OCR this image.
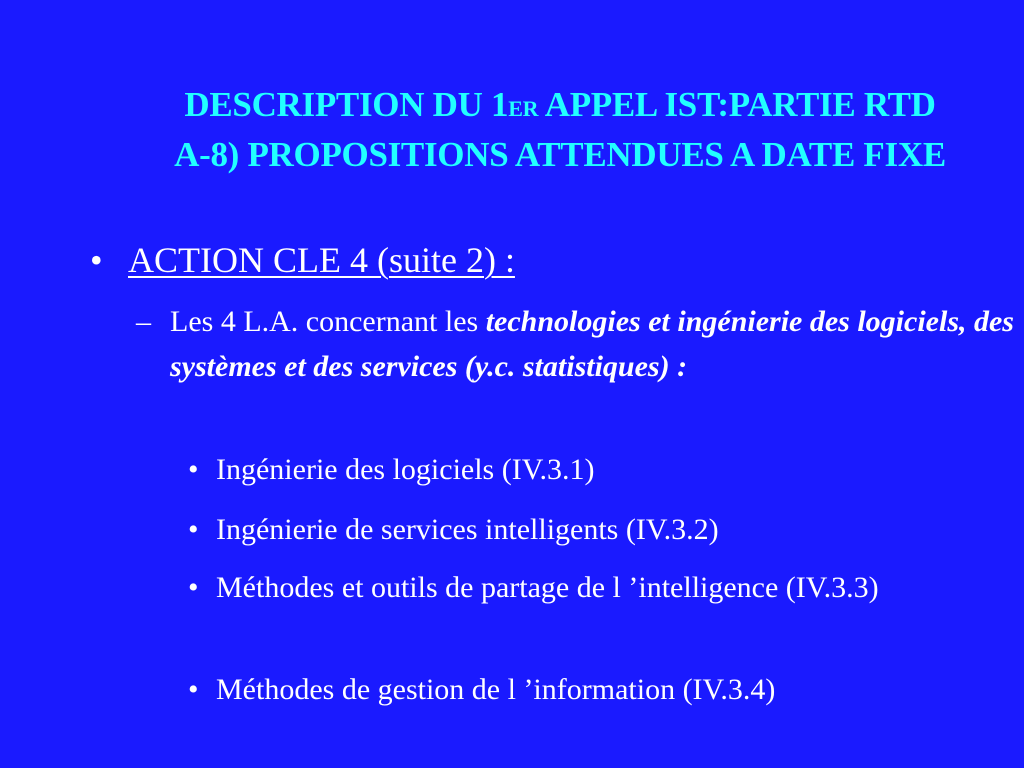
DESCRIPTION DU 1ER APPEL IST:PARTIE RTD
A-8) PROPOSITIONS ATTENDUES A DATE FIXE
• ACTION CLE 4 (suite 2) :
– Les 4 L.A. concernant les technologies et ingénierie des logiciels, des systèmes et des services (y.c. statistiques) :
• Ingénierie des logiciels (IV.3.1)
• Ingénierie de services intelligents (IV.3.2)
• Méthodes et outils de partage de l ’intelligence (IV.3.3)
• Méthodes de gestion de l ’information (IV.3.4)
